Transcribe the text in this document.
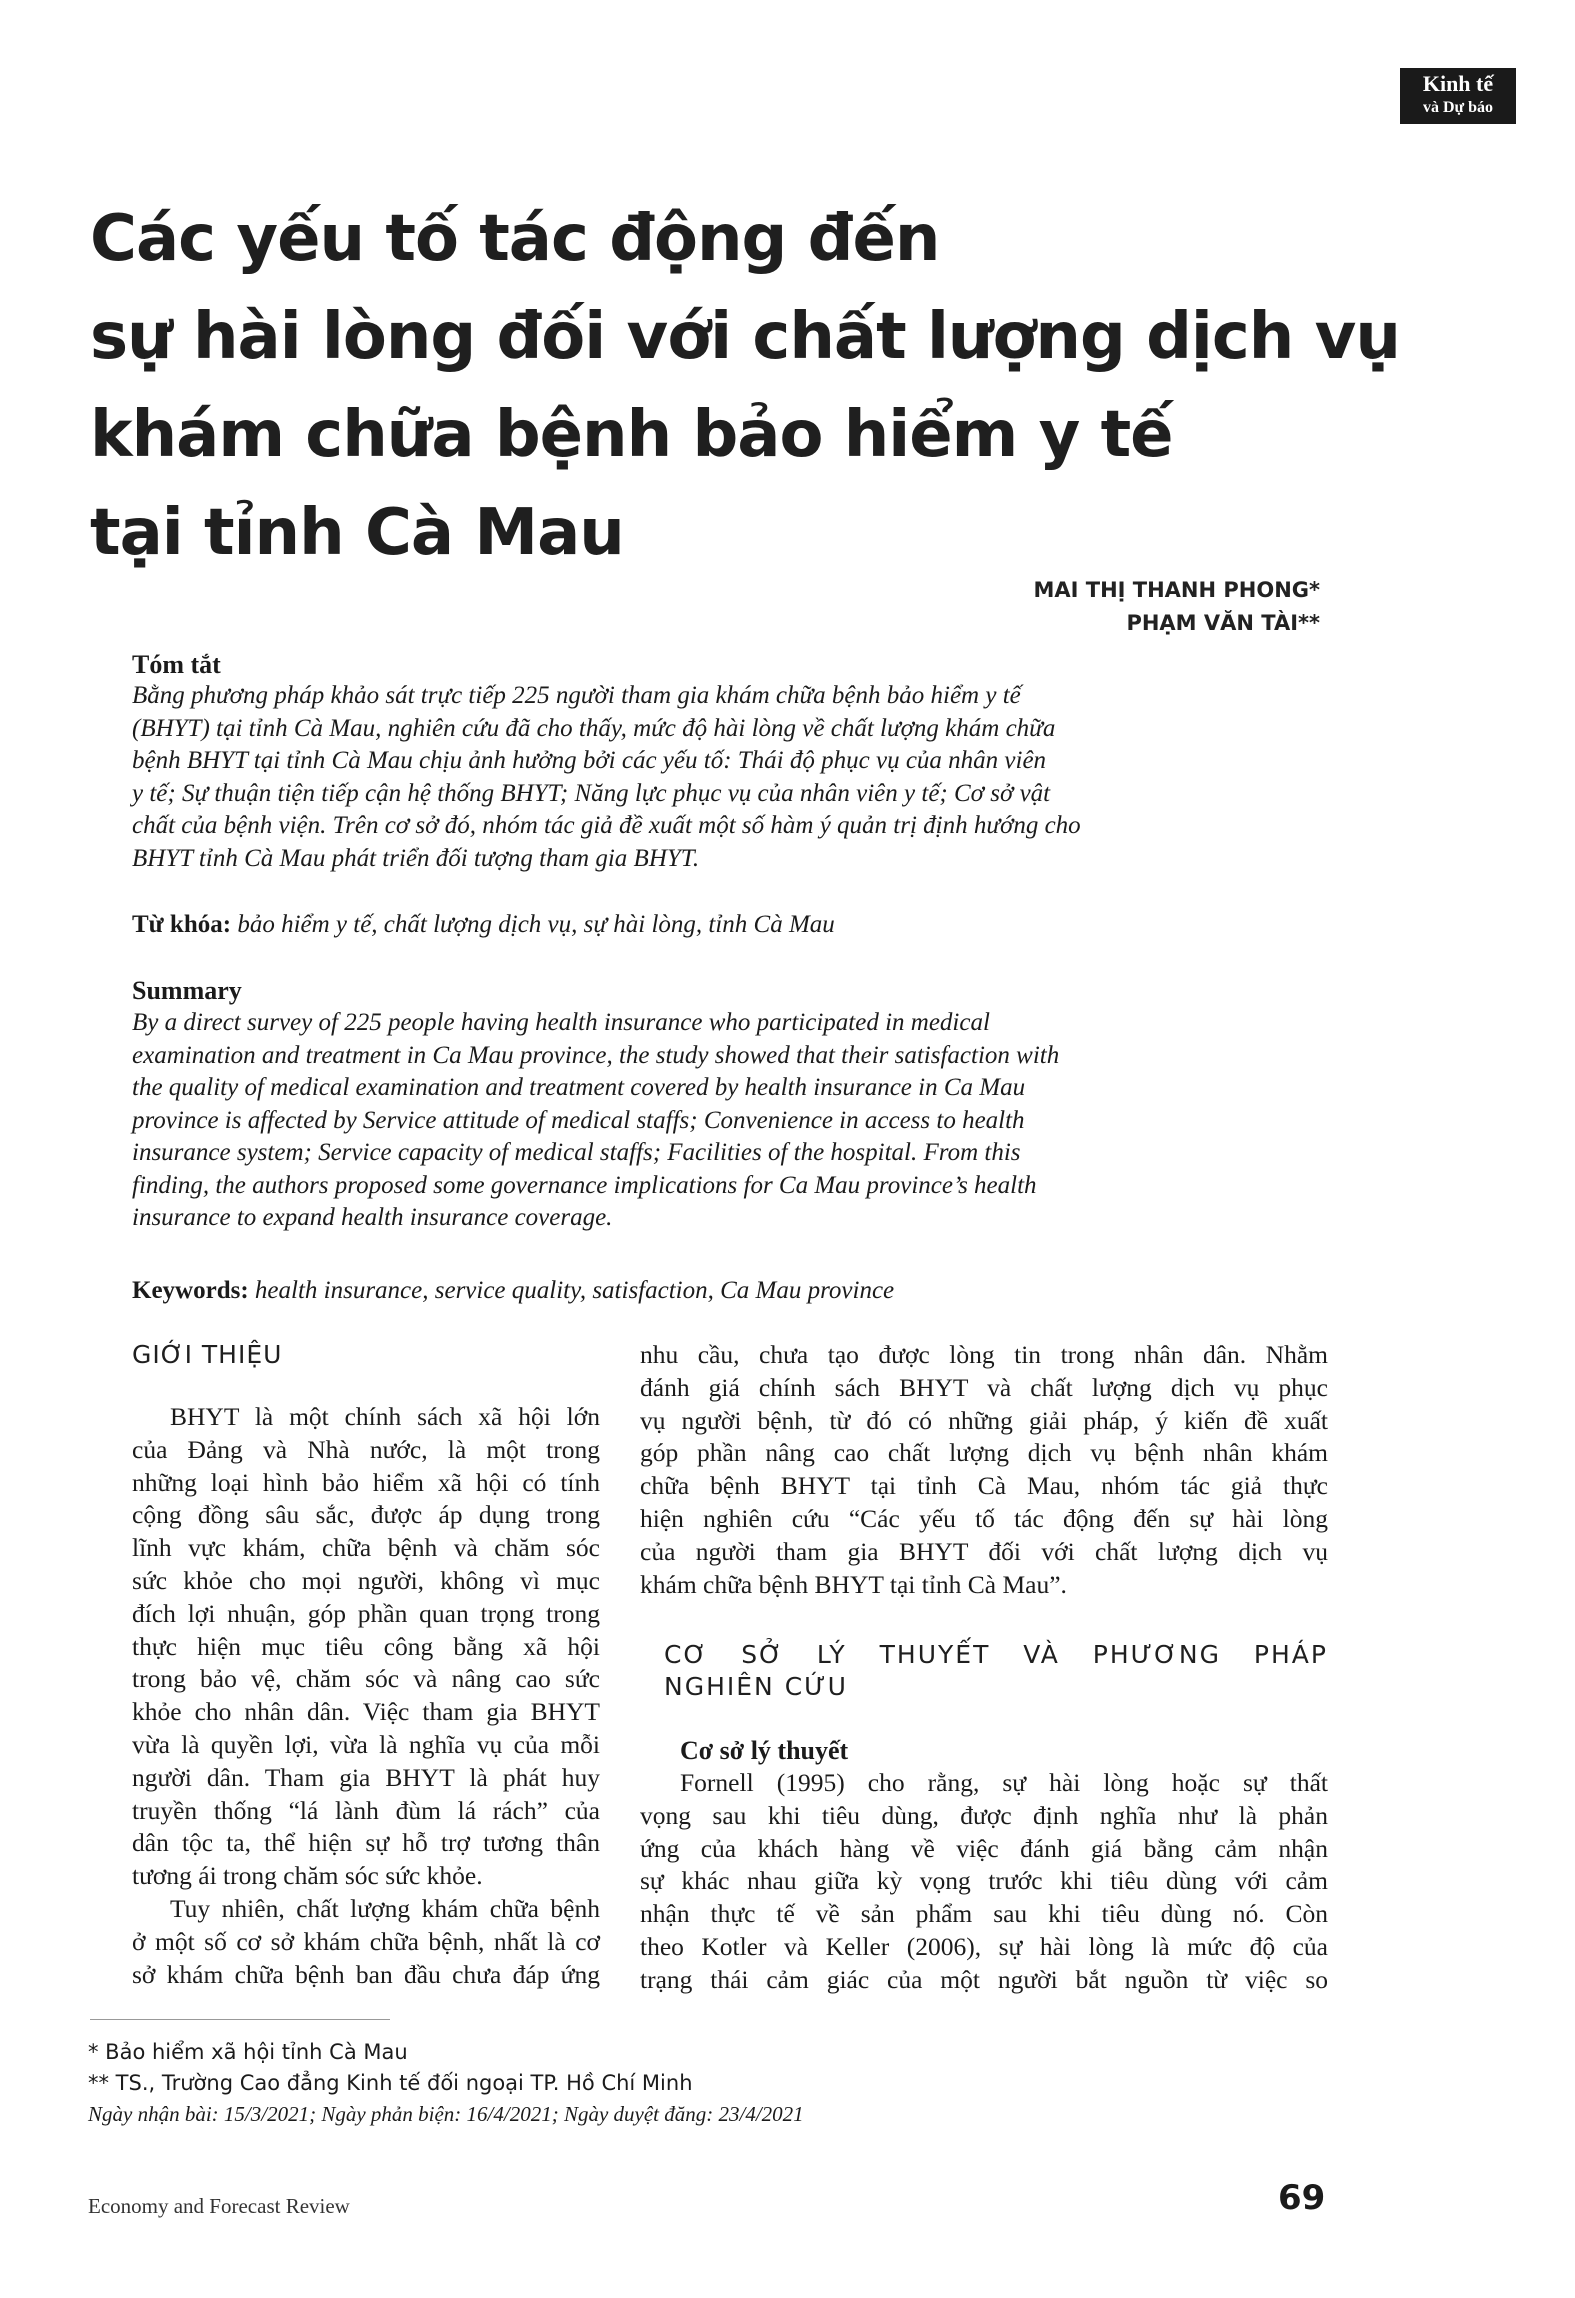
Kinh tế
và Dự báo
Các yếu tố tác động đến
sự hài lòng đối với chất lượng dịch vụ
khám chữa bệnh bảo hiểm y tế
tại tỉnh Cà Mau
MAI THỊ THANH PHONG*
PHẠM VĂN TÀI**
Tóm tắt
Bằng phương pháp khảo sát trực tiếp 225 người tham gia khám chữa bệnh bảo hiểm y tế
(BHYT) tại tỉnh Cà Mau, nghiên cứu đã cho thấy, mức độ hài lòng về chất lượng khám chữa
bệnh BHYT tại tỉnh Cà Mau chịu ảnh hưởng bởi các yếu tố: Thái độ phục vụ của nhân viên
y tế; Sự thuận tiện tiếp cận hệ thống BHYT; Năng lực phục vụ của nhân viên y tế; Cơ sở vật
chất của bệnh viện. Trên cơ sở đó, nhóm tác giả đề xuất một số hàm ý quản trị định hướng cho
BHYT tỉnh Cà Mau phát triển đối tượng tham gia BHYT.
Từ khóa: bảo hiểm y tế, chất lượng dịch vụ, sự hài lòng, tỉnh Cà Mau
Summary
By a direct survey of 225 people having health insurance who participated in medical
examination and treatment in Ca Mau province, the study showed that their satisfaction with
the quality of medical examination and treatment covered by health insurance in Ca Mau
province is affected by Service attitude of medical staffs; Convenience in access to health
insurance system; Service capacity of medical staffs; Facilities of the hospital. From this
finding, the authors proposed some governance implications for Ca Mau province’s health
insurance to expand health insurance coverage.
Keywords: health insurance, service quality, satisfaction, Ca Mau province
GIỚI THIỆU
BHYT là một chính sách xã hội lớn
của Đảng và Nhà nước, là một trong
những loại hình bảo hiểm xã hội có tính
cộng đồng sâu sắc, được áp dụng trong
lĩnh vực khám, chữa bệnh và chăm sóc
sức khỏe cho mọi người, không vì mục
đích lợi nhuận, góp phần quan trọng trong
thực hiện mục tiêu công bằng xã hội
trong bảo vệ, chăm sóc và nâng cao sức
khỏe cho nhân dân. Việc tham gia BHYT
vừa là quyền lợi, vừa là nghĩa vụ của mỗi
người dân. Tham gia BHYT là phát huy
truyền thống “lá lành đùm lá rách” của
dân tộc ta, thể hiện sự hỗ trợ tương thân
tương ái trong chăm sóc sức khỏe.
Tuy nhiên, chất lượng khám chữa bệnh
ở một số cơ sở khám chữa bệnh, nhất là cơ
sở khám chữa bệnh ban đầu chưa đáp ứng
nhu cầu, chưa tạo được lòng tin trong nhân dân. Nhằm
đánh giá chính sách BHYT và chất lượng dịch vụ phục
vụ người bệnh, từ đó có những giải pháp, ý kiến đề xuất
góp phần nâng cao chất lượng dịch vụ bệnh nhân khám
chữa bệnh BHYT tại tỉnh Cà Mau, nhóm tác giả thực
hiện nghiên cứu “Các yếu tố tác động đến sự hài lòng
của người tham gia BHYT đối với chất lượng dịch vụ
khám chữa bệnh BHYT tại tỉnh Cà Mau”.
CƠ SỞ LÝ THUYẾT VÀ PHƯƠNG PHÁP
NGHIÊN CỨU
Cơ sở lý thuyết
Fornell (1995) cho rằng, sự hài lòng hoặc sự thất
vọng sau khi tiêu dùng, được định nghĩa như là phản
ứng của khách hàng về việc đánh giá bằng cảm nhận
sự khác nhau giữa kỳ vọng trước khi tiêu dùng với cảm
nhận thực tế về sản phẩm sau khi tiêu dùng nó. Còn
theo Kotler và Keller (2006), sự hài lòng là mức độ của
trạng thái cảm giác của một người bắt nguồn từ việc so
* Bảo hiểm xã hội tỉnh Cà Mau
** TS., Trường Cao đẳng Kinh tế đối ngoại TP. Hồ Chí Minh
Ngày nhận bài: 15/3/2021; Ngày phản biện: 16/4/2021; Ngày duyệt đăng: 23/4/2021
Economy and Forecast Review	69
